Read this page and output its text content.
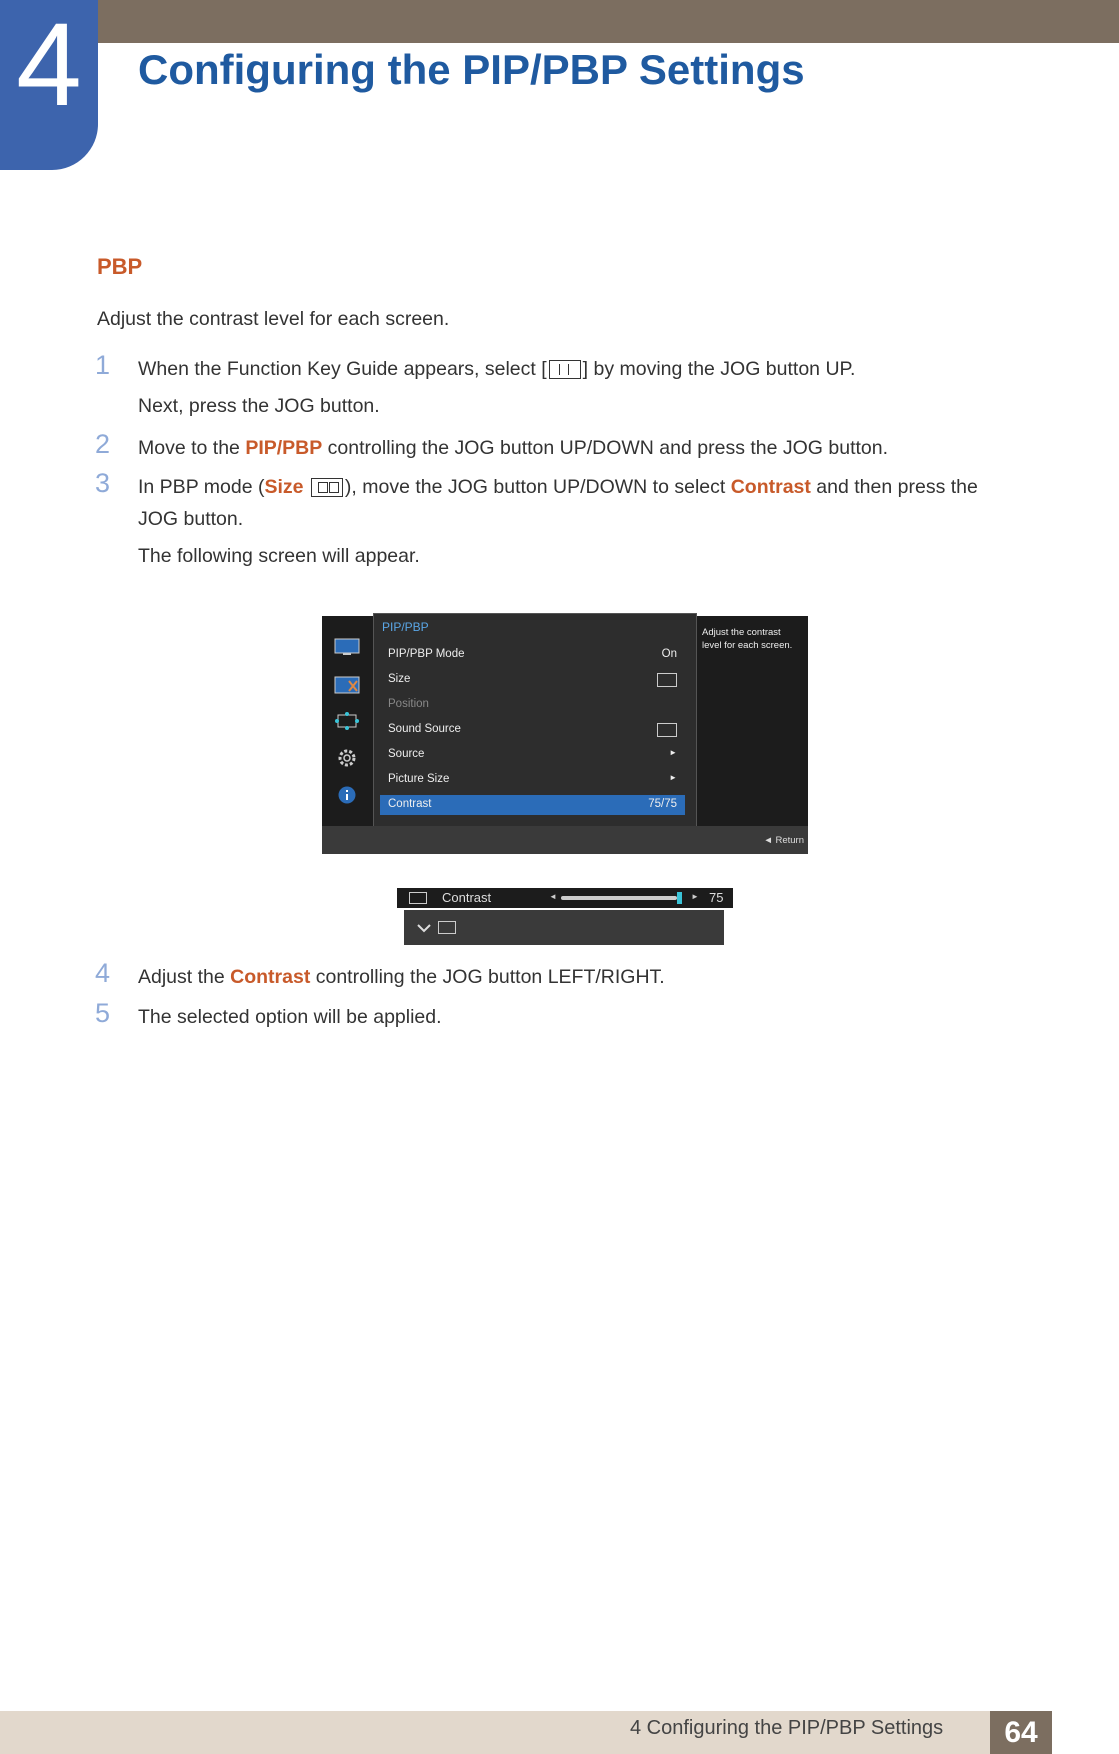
4	Configuring the PIP/PBP Settings
PBP
Adjust the contrast level for each screen.
1 When the Function Key Guide appears, select [ ] by moving the JOG button UP.
Next, press the JOG button.
2 Move to the PIP/PBP controlling the JOG button UP/DOWN and press the JOG button.
3 In PBP mode (Size ), move the JOG button UP/DOWN to select Contrast and then press the
JOG button.
The following screen will appear.
PIP/PBP
PIP/PBP Mode	On
Size
Position
Sound Source
Source	►
Picture Size	►
Contrast	75/75
Adjust the contrast level for each screen.
◄ Return
Contrast	◄	► 75
4 Adjust the Contrast controlling the JOG button LEFT/RIGHT.
5 The selected option will be applied.
4 Configuring the PIP/PBP Settings	64
